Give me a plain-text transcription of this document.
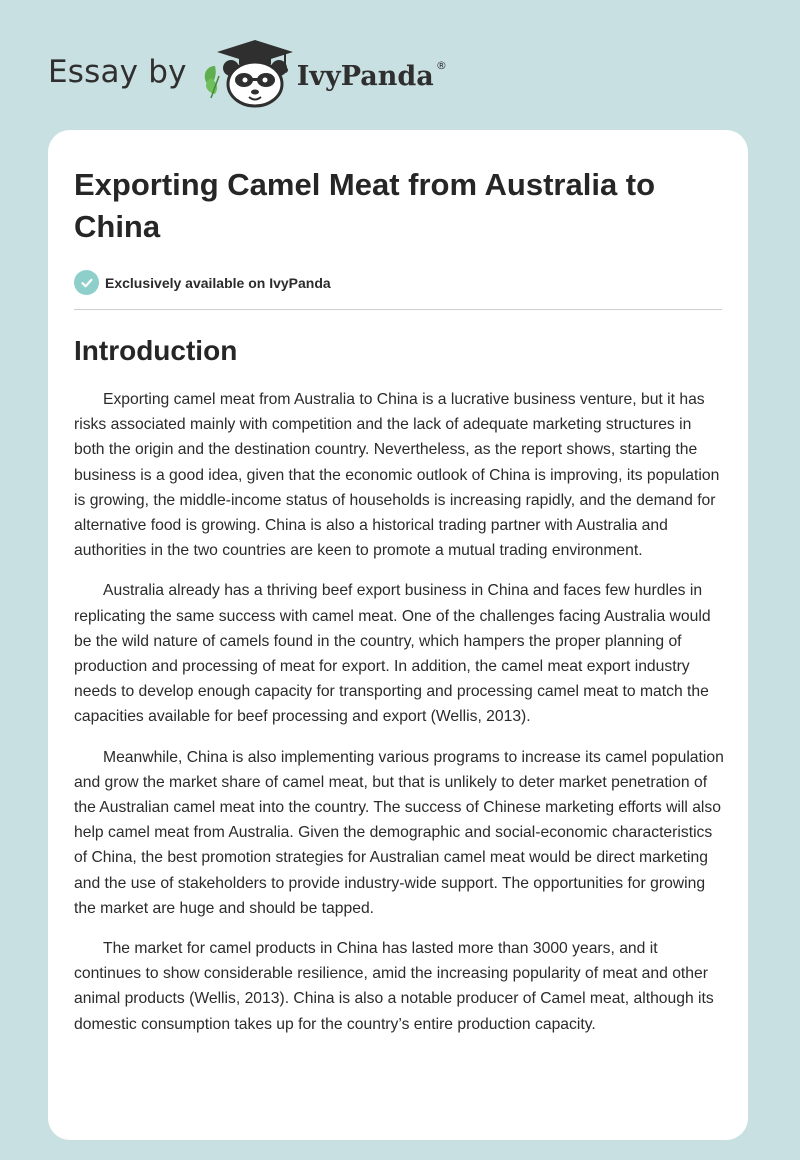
Essay by	IvyPanda ®
Exporting Camel Meat from Australia to China
Exclusively available on IvyPanda
Introduction

Exporting camel meat from Australia to China is a lucrative business venture, but it has risks associated mainly with competition and the lack of adequate marketing structures in both the origin and the destination country. Nevertheless, as the report shows, starting the business is a good idea, given that the economic outlook of China is improving, its population is growing, the middle-income status of households is increasing rapidly, and the demand for alternative food is growing. China is also a historical trading partner with Australia and authorities in the two countries are keen to promote a mutual trading environment.

Australia already has a thriving beef export business in China and faces few hurdles in replicating the same success with camel meat. One of the challenges facing Australia would be the wild nature of camels found in the country, which hampers the proper planning of production and processing of meat for export. In addition, the camel meat export industry needs to develop enough capacity for transporting and processing camel meat to match the capacities available for beef processing and export (Wellis, 2013).

Meanwhile, China is also implementing various programs to increase its camel population and grow the market share of camel meat, but that is unlikely to deter market penetration of the Australian camel meat into the country. The success of Chinese marketing efforts will also help camel meat from Australia. Given the demographic and social-economic characteristics of China, the best promotion strategies for Australian camel meat would be direct marketing and the use of stakeholders to provide industry-wide support. The opportunities for growing the market are huge and should be tapped.

The market for camel products in China has lasted more than 3000 years, and it continues to show considerable resilience, amid the increasing popularity of meat and other animal products (Wellis, 2013). China is also a notable producer of Camel meat, although its domestic consumption takes up for the country’s entire production capacity.
